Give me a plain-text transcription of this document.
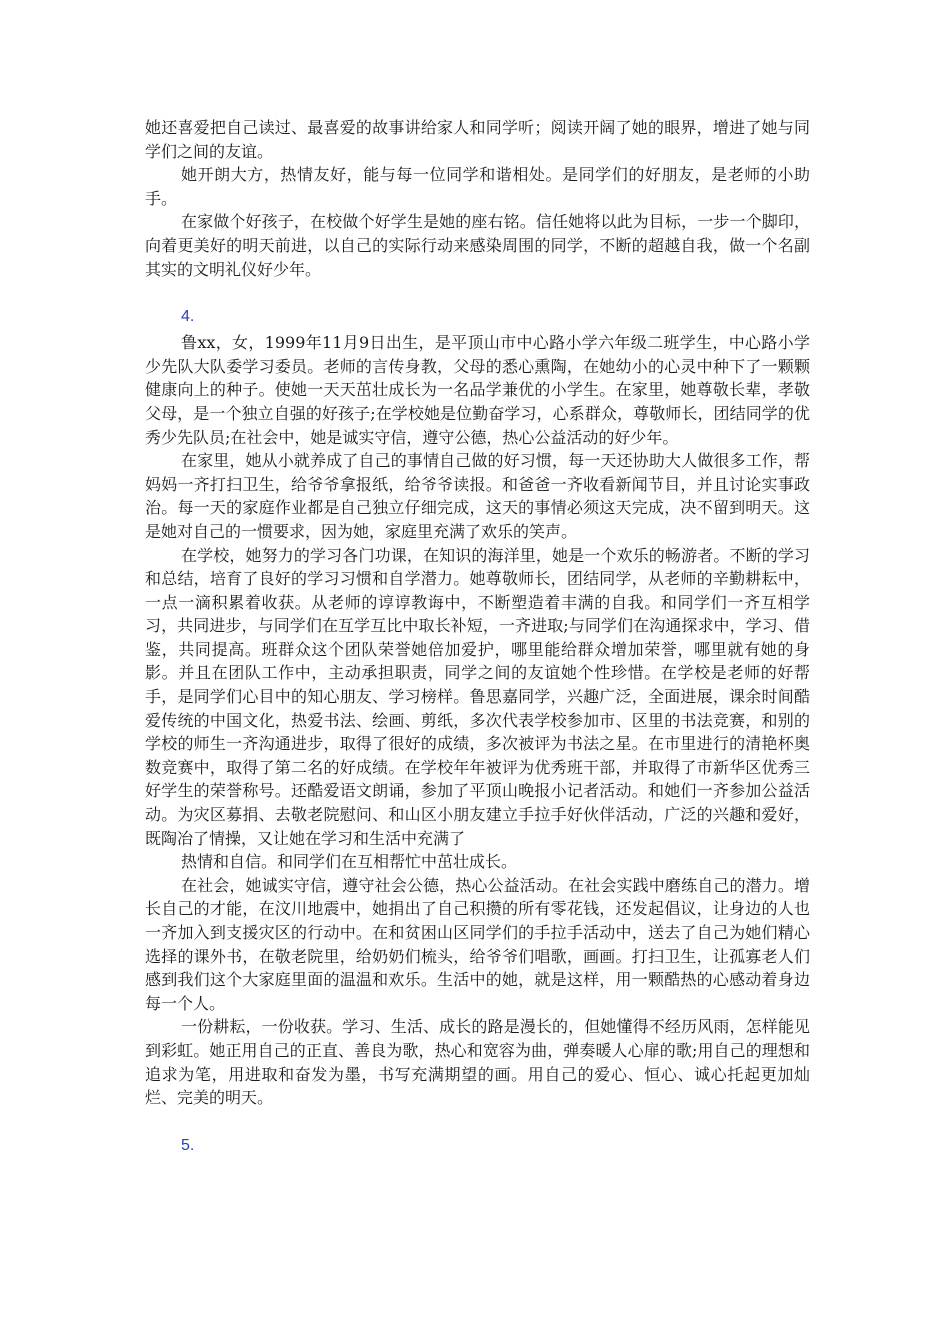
她还喜爱把自己读过、最喜爱的故事讲给家人和同学听；阅读开阔了她的眼界，增进了她与同学们之间的友谊。

她开朗大方，热情友好，能与每一位同学和谐相处。是同学们的好朋友，是老师的小助手。

在家做个好孩子，在校做个好学生是她的座右铭。信任她将以此为目标，一步一个脚印，向着更美好的明天前进，以自己的实际行动来感染周围的同学，不断的超越自我，做一个名副其实的文明礼仪好少年。

4.

鲁xx，女，1999年11月9日出生，是平顶山市中心路小学六年级二班学生，中心路小学少先队大队委学习委员。老师的言传身教，父母的悉心熏陶，在她幼小的心灵中种下了一颗颗健康向上的种子。使她一天天茁壮成长为一名品学兼优的小学生。在家里，她尊敬长辈，孝敬父母，是一个独立自强的好孩子;在学校她是位勤奋学习，心系群众，尊敬师长，团结同学的优秀少先队员;在社会中，她是诚实守信，遵守公德，热心公益活动的好少年。

在家里，她从小就养成了自己的事情自己做的好习惯，每一天还协助大人做很多工作，帮妈妈一齐打扫卫生，给爷爷拿报纸，给爷爷读报。和爸爸一齐收看新闻节目，并且讨论实事政治。每一天的家庭作业都是自己独立仔细完成，这天的事情必须这天完成，决不留到明天。这是她对自己的一惯要求，因为她，家庭里充满了欢乐的笑声。

在学校，她努力的学习各门功课，在知识的海洋里，她是一个欢乐的畅游者。不断的学习和总结，培育了良好的学习习惯和自学潜力。她尊敬师长，团结同学，从老师的辛勤耕耘中，一点一滴积累着收获。从老师的谆谆教诲中，不断塑造着丰满的自我。和同学们一齐互相学习，共同进步，与同学们在互学互比中取长补短，一齐进取;与同学们在沟通探求中，学习、借鉴，共同提高。班群众这个团队荣誉她倍加爱护，哪里能给群众增加荣誉，哪里就有她的身影。并且在团队工作中，主动承担职责，同学之间的友谊她个性珍惜。在学校是老师的好帮手，是同学们心目中的知心朋友、学习榜样。鲁思嘉同学，兴趣广泛，全面进展，课余时间酷爱传统的中国文化，热爱书法、绘画、剪纸，多次代表学校参加市、区里的书法竞赛，和别的学校的师生一齐沟通进步，取得了很好的成绩，多次被评为书法之星。在市里进行的清艳杯奥数竞赛中，取得了第二名的好成绩。在学校年年被评为优秀班干部，并取得了市新华区优秀三好学生的荣誉称号。还酷爱语文朗诵，参加了平顶山晚报小记者活动。和她们一齐参加公益活动。为灾区募捐、去敬老院慰问、和山区小朋友建立手拉手好伙伴活动，广泛的兴趣和爱好，既陶冶了情操，又让她在学习和生活中充满了

热情和自信。和同学们在互相帮忙中茁壮成长。

在社会，她诚实守信，遵守社会公德，热心公益活动。在社会实践中磨练自己的潜力。增长自己的才能，在汶川地震中，她捐出了自己积攒的所有零花钱，还发起倡议，让身边的人也一齐加入到支援灾区的行动中。在和贫困山区同学们的手拉手活动中，送去了自己为她们精心选择的课外书，在敬老院里，给奶奶们梳头，给爷爷们唱歌，画画。打扫卫生，让孤寡老人们感到我们这个大家庭里面的温温和欢乐。生活中的她，就是这样，用一颗酷热的心感动着身边每一个人。

一份耕耘，一份收获。学习、生活、成长的路是漫长的，但她懂得不经历风雨，怎样能见到彩虹。她正用自己的正直、善良为歌，热心和宽容为曲，弹奏暖人心扉的歌;用自己的理想和追求为笔，用进取和奋发为墨，书写充满期望的画。用自己的爱心、恒心、诚心托起更加灿烂、完美的明天。

5.
